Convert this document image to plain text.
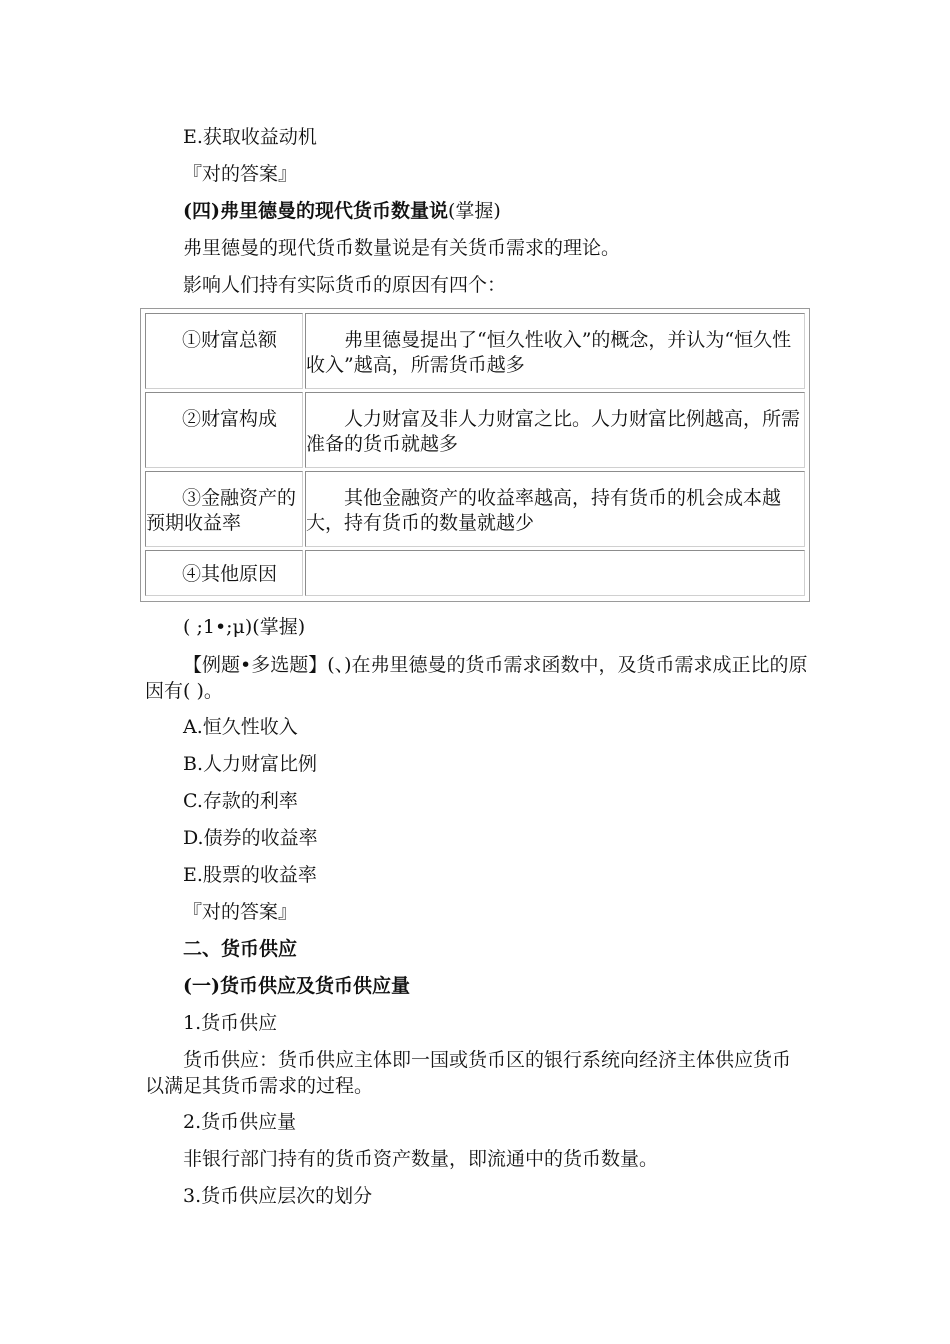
E.获取收益动机

『对的答案』

(四)弗里德曼的现代货币数量说(掌握)

弗里德曼的现代货币数量说是有关货币需求的理论。

影响人们持有实际货币的原因有四个：

①财富总额	弗里德曼提出了“恒久性收入”的概念，并认为“恒久性收入”越高，所需货币越多
②财富构成	人力财富及非人力财富之比。人力财富比例越高，所需准备的货币就越多
③金融资产的预期收益率
其他金融资产的收益率越高，持有货币的机会成本越大，持有货币的数量就越少
④其他原因

( ;1•;μ)(掌握)

【例题•多选题】(、)在弗里德曼的货币需求函数中，及货币需求成正比的原因有( )。

A.恒久性收入

B.人力财富比例

C.存款的利率

D.债券的收益率

E.股票的收益率

『对的答案』

二、货币供应

(一)货币供应及货币供应量

1.货币供应

货币供应：货币供应主体即一国或货币区的银行系统向经济主体供应货币以满足其货币需求的过程。

2.货币供应量

非银行部门持有的货币资产数量，即流通中的货币数量。

3.货币供应层次的划分
